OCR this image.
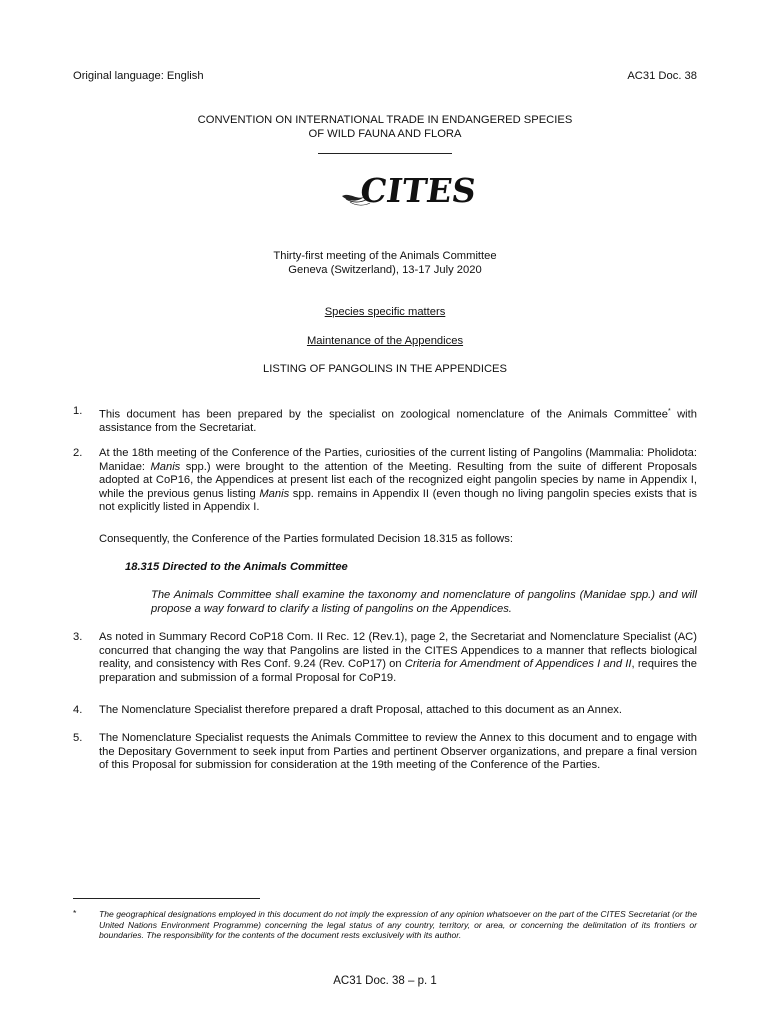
Original language: English	AC31 Doc. 38
CONVENTION ON INTERNATIONAL TRADE IN ENDANGERED SPECIES
OF WILD FAUNA AND FLORA
CITES
Thirty-first meeting of the Animals Committee
Geneva (Switzerland), 13-17 July 2020
Species specific matters
Maintenance of the Appendices
LISTING OF PANGOLINS IN THE APPENDICES
1. This document has been prepared by the specialist on zoological nomenclature of the Animals Committee* with assistance from the Secretariat.
2. At the 18th meeting of the Conference of the Parties, curiosities of the current listing of Pangolins (Mammalia: Pholidota: Manidae: Manis spp.) were brought to the attention of the Meeting. Resulting from the suite of different Proposals adopted at CoP16, the Appendices at present list each of the recognized eight pangolin species by name in Appendix I, while the previous genus listing Manis spp. remains in Appendix II (even though no living pangolin species exists that is not explicitly listed in Appendix I.
Consequently, the Conference of the Parties formulated Decision 18.315 as follows:
18.315 Directed to the Animals Committee
The Animals Committee shall examine the taxonomy and nomenclature of pangolins (Manidae spp.) and will propose a way forward to clarify a listing of pangolins on the Appendices.
3. As noted in Summary Record CoP18 Com. II Rec. 12 (Rev.1), page 2, the Secretariat and Nomenclature Specialist (AC) concurred that changing the way that Pangolins are listed in the CITES Appendices to a manner that reflects biological reality, and consistency with Res Conf. 9.24 (Rev. CoP17) on Criteria for Amendment of Appendices I and II, requires the preparation and submission of a formal Proposal for CoP19.
4. The Nomenclature Specialist therefore prepared a draft Proposal, attached to this document as an Annex.
5. The Nomenclature Specialist requests the Animals Committee to review the Annex to this document and to engage with the Depositary Government to seek input from Parties and pertinent Observer organizations, and prepare a final version of this Proposal for submission for consideration at the 19th meeting of the Conference of the Parties.
*	The geographical designations employed in this document do not imply the expression of any opinion whatsoever on the part of the CITES Secretariat (or the United Nations Environment Programme) concerning the legal status of any country, territory, or area, or concerning the delimitation of its frontiers or boundaries. The responsibility for the contents of the document rests exclusively with its author.
AC31 Doc. 38 – p. 1
